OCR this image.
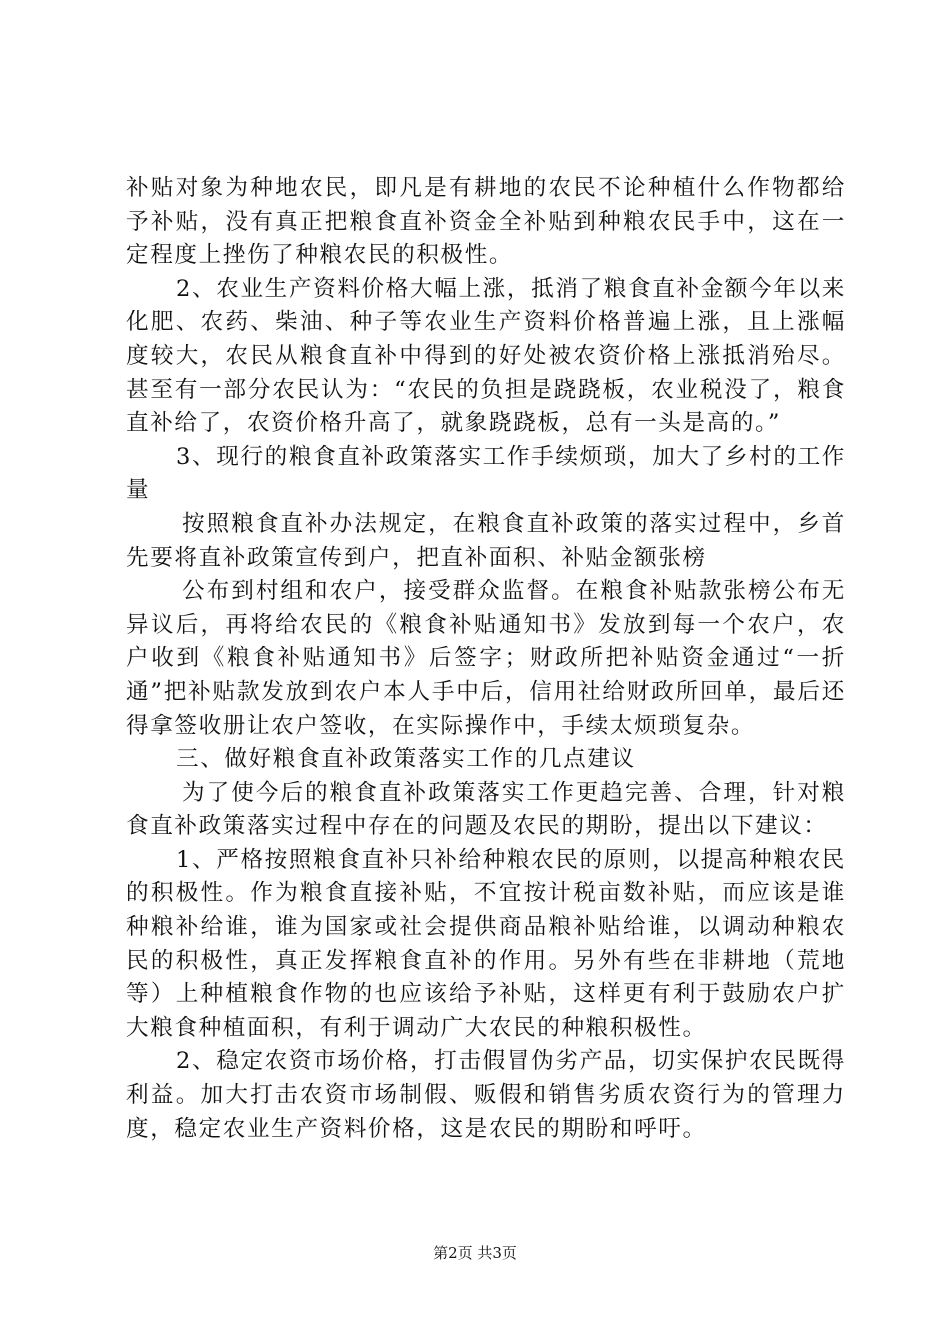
补贴对象为种地农民，即凡是有耕地的农民不论种植什么作物都给予补贴，没有真正把粮食直补资金全补贴到种粮农民手中，这在一定程度上挫伤了种粮农民的积极性。

2、农业生产资料价格大幅上涨，抵消了粮食直补金额今年以来化肥、农药、柴油、种子等农业生产资料价格普遍上涨，且上涨幅度较大，农民从粮食直补中得到的好处被农资价格上涨抵消殆尽。甚至有一部分农民认为：“农民的负担是跷跷板，农业税没了，粮食直补给了，农资价格升高了，就象跷跷板，总有一头是高的。”

3、现行的粮食直补政策落实工作手续烦琐，加大了乡村的工作量

按照粮食直补办法规定，在粮食直补政策的落实过程中，乡首先要将直补政策宣传到户，把直补面积、补贴金额张榜

公布到村组和农户，接受群众监督。在粮食补贴款张榜公布无异议后，再将给农民的《粮食补贴通知书》发放到每一个农户，农户收到《粮食补贴通知书》后签字；财政所把补贴资金通过“一折通”把补贴款发放到农户本人手中后，信用社给财政所回单，最后还得拿签收册让农户签收，在实际操作中，手续太烦琐复杂。

三、做好粮食直补政策落实工作的几点建议

为了使今后的粮食直补政策落实工作更趋完善、合理，针对粮食直补政策落实过程中存在的问题及农民的期盼，提出以下建议：

1、严格按照粮食直补只补给种粮农民的原则，以提高种粮农民的积极性。作为粮食直接补贴，不宜按计税亩数补贴，而应该是谁种粮补给谁，谁为国家或社会提供商品粮补贴给谁，以调动种粮农民的积极性，真正发挥粮食直补的作用。另外有些在非耕地（荒地等）上种植粮食作物的也应该给予补贴，这样更有利于鼓励农户扩大粮食种植面积，有利于调动广大农民的种粮积极性。

2、稳定农资市场价格，打击假冒伪劣产品，切实保护农民既得利益。加大打击农资市场制假、贩假和销售劣质农资行为的管理力度，稳定农业生产资料价格，这是农民的期盼和呼吁。

第2页 共3页
